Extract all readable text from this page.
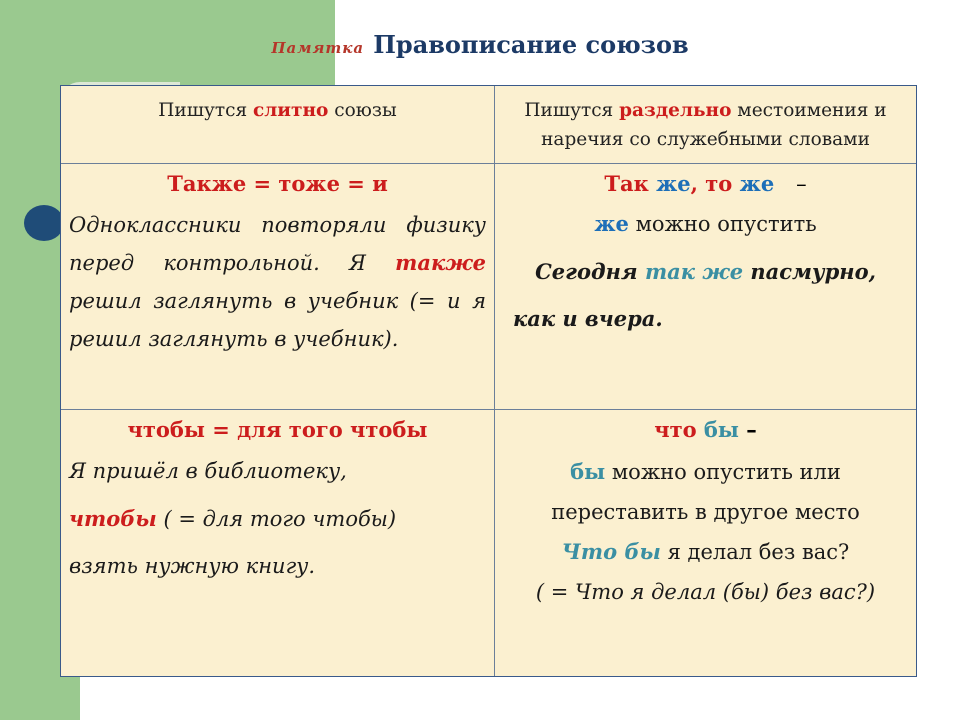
Памятка Правописание союзов
Пишутся слитно союзы	Пишутся раздельно местоимения и наречия со служебными словами
Также = тоже = и

Одноклассники повторяли физику перед контрольной. Я также решил заглянуть в учебник (= и я решил заглянуть в учебник).

Так же, то же –

же можно опустить

Сегодня так же пасмурно,

как и вчера.

чтобы = для того чтобы

Я пришёл в библиотеку,

чтобы ( = для того чтобы)

взять нужную книгу.

что бы –

бы можно опустить или

переставить в другое место

Что бы я делал без вас?

( = Что я делал (бы) без вас?)
